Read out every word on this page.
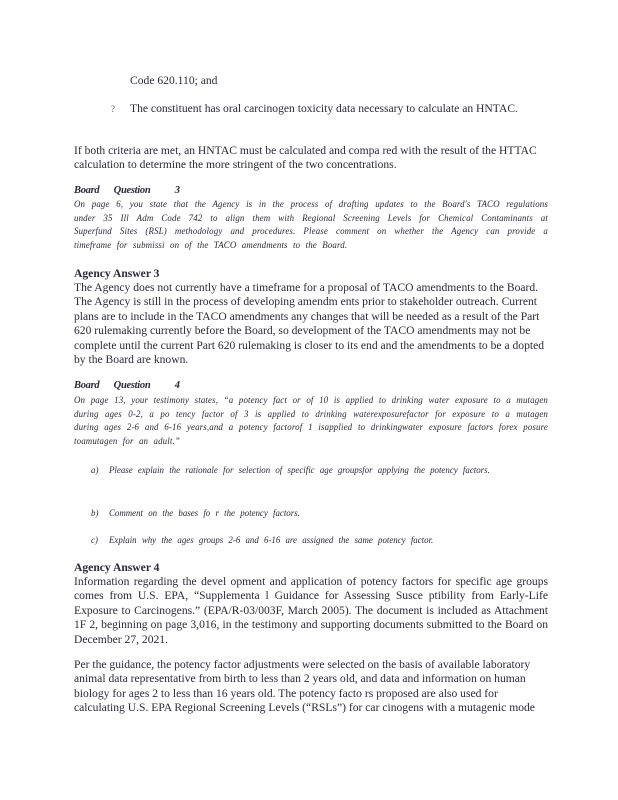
Code 620.110; and
? The constituent has oral carcinogen toxicity data necessary to calculate an HNTAC.
If both criteria are met, an HNTAC must be calculated and compa red with the result of the HTTAC calculation to determine the more stringent of the two concentrations.
Board Question 3
On page 6, you state that the Agency is in the process of drafting updates to the Board's TACO regulations under 35 Ill Adm Code 742 to align them with Regional Screening Levels for Chemical Contaminants at Superfund Sites (RSL) methodology and procedures. Please comment on whether the Agency can provide a timeframe for submissi on of the TACO amendments to the Board.
Agency Answer 3
The Agency does not currently have a timeframe for a proposal of TACO amendments to the Board. The Agency is still in the process of developing amendm ents prior to stakeholder outreach. Current plans are to include in the TACO amendments any changes that will be needed as a result of the Part 620 rulemaking currently before the Board, so development of the TACO amendments may not be complete until the current Part 620 rulemaking is closer to its end and the amendments to be a dopted by the Board are known.
Board Question 4
On page 13, your testimony states, “a potency fact or of 10 is applied to drinking water exposure to a mutagen during ages 0-2, a po tency factor of 3 is applied to drinking waterexposurefactor for exposure to a mutagen during ages 2-6 and 6-16 years,and a potency factorof 1 isapplied to drinkingwater exposure factors forex posure toamutagen for an adult.”
a) Please explain the rationale for selection of specific age groupsfor applying the potency factors.
b) Comment on the bases fo r the potency factors.
c) Explain why the ages groups 2-6 and 6-16 are assigned the same potency factor.
Agency Answer 4
Information regarding the devel opment and application of potency factors for specific age groups comes from U.S. EPA, “Supplementa l Guidance for Assessing Susce ptibility from Early-Life Exposure to Carcinogens.” (EPA/R-03/003F, March 2005). The document is included as Attachment 1F 2, beginning on page 3,016, in the testimony and supporting documents submitted to the Board on December 27, 2021.
Per the guidance, the potency factor adjustments were selected on the basis of available laboratory animal data representative from birth to less than 2 years old, and data and information on human biology for ages 2 to less than 16 years old. The potency facto rs proposed are also used for calculating U.S. EPA Regional Screening Levels (“RSLs”) for car cinogens with a mutagenic mode
